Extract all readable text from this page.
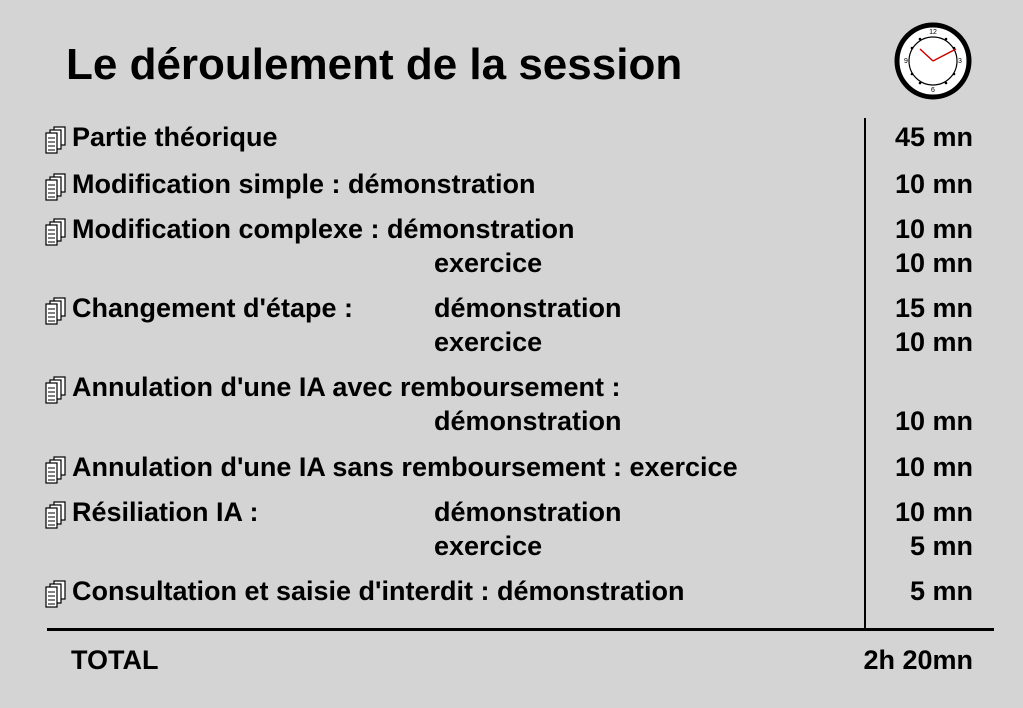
Le déroulement de la session
12
3
6
9
Partie théorique	45 mn
Modification simple : démonstration	10 mn
Modification complexe : démonstration	10 mn
exercice	10 mn
Changement d'étape :	démonstration	15 mn
exercice	10 mn
Annulation d'une IA avec remboursement :
démonstration	10 mn
Annulation d'une IA sans remboursement : exercice	10 mn
Résiliation IA :	démonstration	10 mn
exercice	5 mn
Consultation et saisie d'interdit : démonstration	5 mn
TOTAL	2h 20mn
